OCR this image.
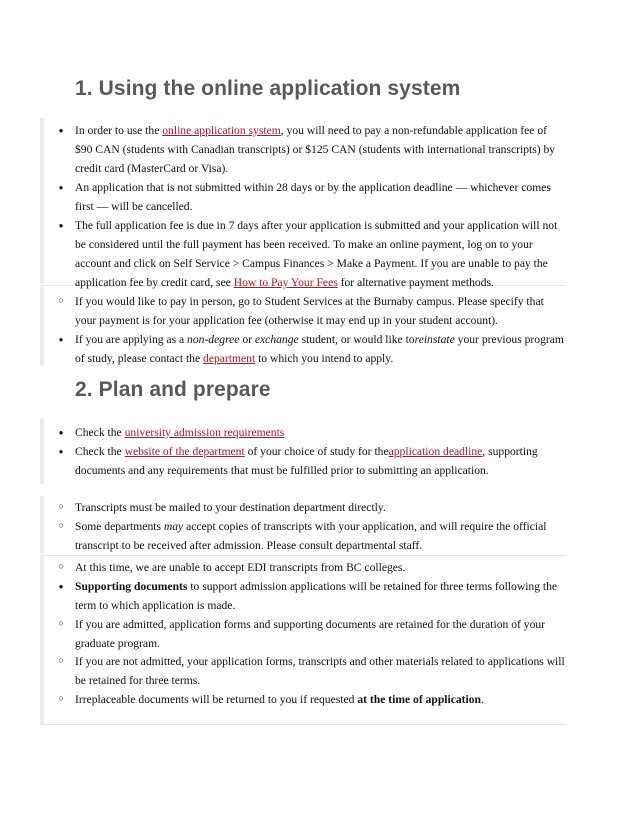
1. Using the online application system
●
In order to use the online application system, you will need to pay a non-refundable application fee of $90 CAN (students with Canadian transcripts) or $125 CAN (students with international transcripts) by credit card (MasterCard or Visa).
●
An application that is not submitted within 28 days or by the application deadline — whichever comes first — will be cancelled.
●
The full application fee is due in 7 days after your application is submitted and your application will not be considered until the full payment has been received. To make an online payment, log on to your account and click on Self Service > Campus Finances > Make a Payment. If you are unable to pay the application fee by credit card, see How to Pay Your Fees for alternative payment methods.
○
If you would like to pay in person, go to Student Services at the Burnaby campus. Please specify that your payment is for your application fee (otherwise it may end up in your student account).
●
If you are applying as a non-degree or exchange student, or would like toreinstate your previous program of study, please contact the department to which you intend to apply.
2. Plan and prepare
●
Check the university admission requirements
●
Check the website of the department of your choice of study for theapplication deadline, supporting documents and any requirements that must be fulfilled prior to submitting an application.
○
Transcripts must be mailed to your destination department directly.
○
Some departments may accept copies of transcripts with your application, and will require the official transcript to be received after admission. Please consult departmental staff.
○
At this time, we are unable to accept EDI transcripts from BC colleges.
●
Supporting documents to support admission applications will be retained for three terms following the term to which application is made.
○
If you are admitted, application forms and supporting documents are retained for the duration of your graduate program.
○
If you are not admitted, your application forms, transcripts and other materials related to applications will be retained for three terms.
○
Irreplaceable documents will be returned to you if requested at the time of application.
